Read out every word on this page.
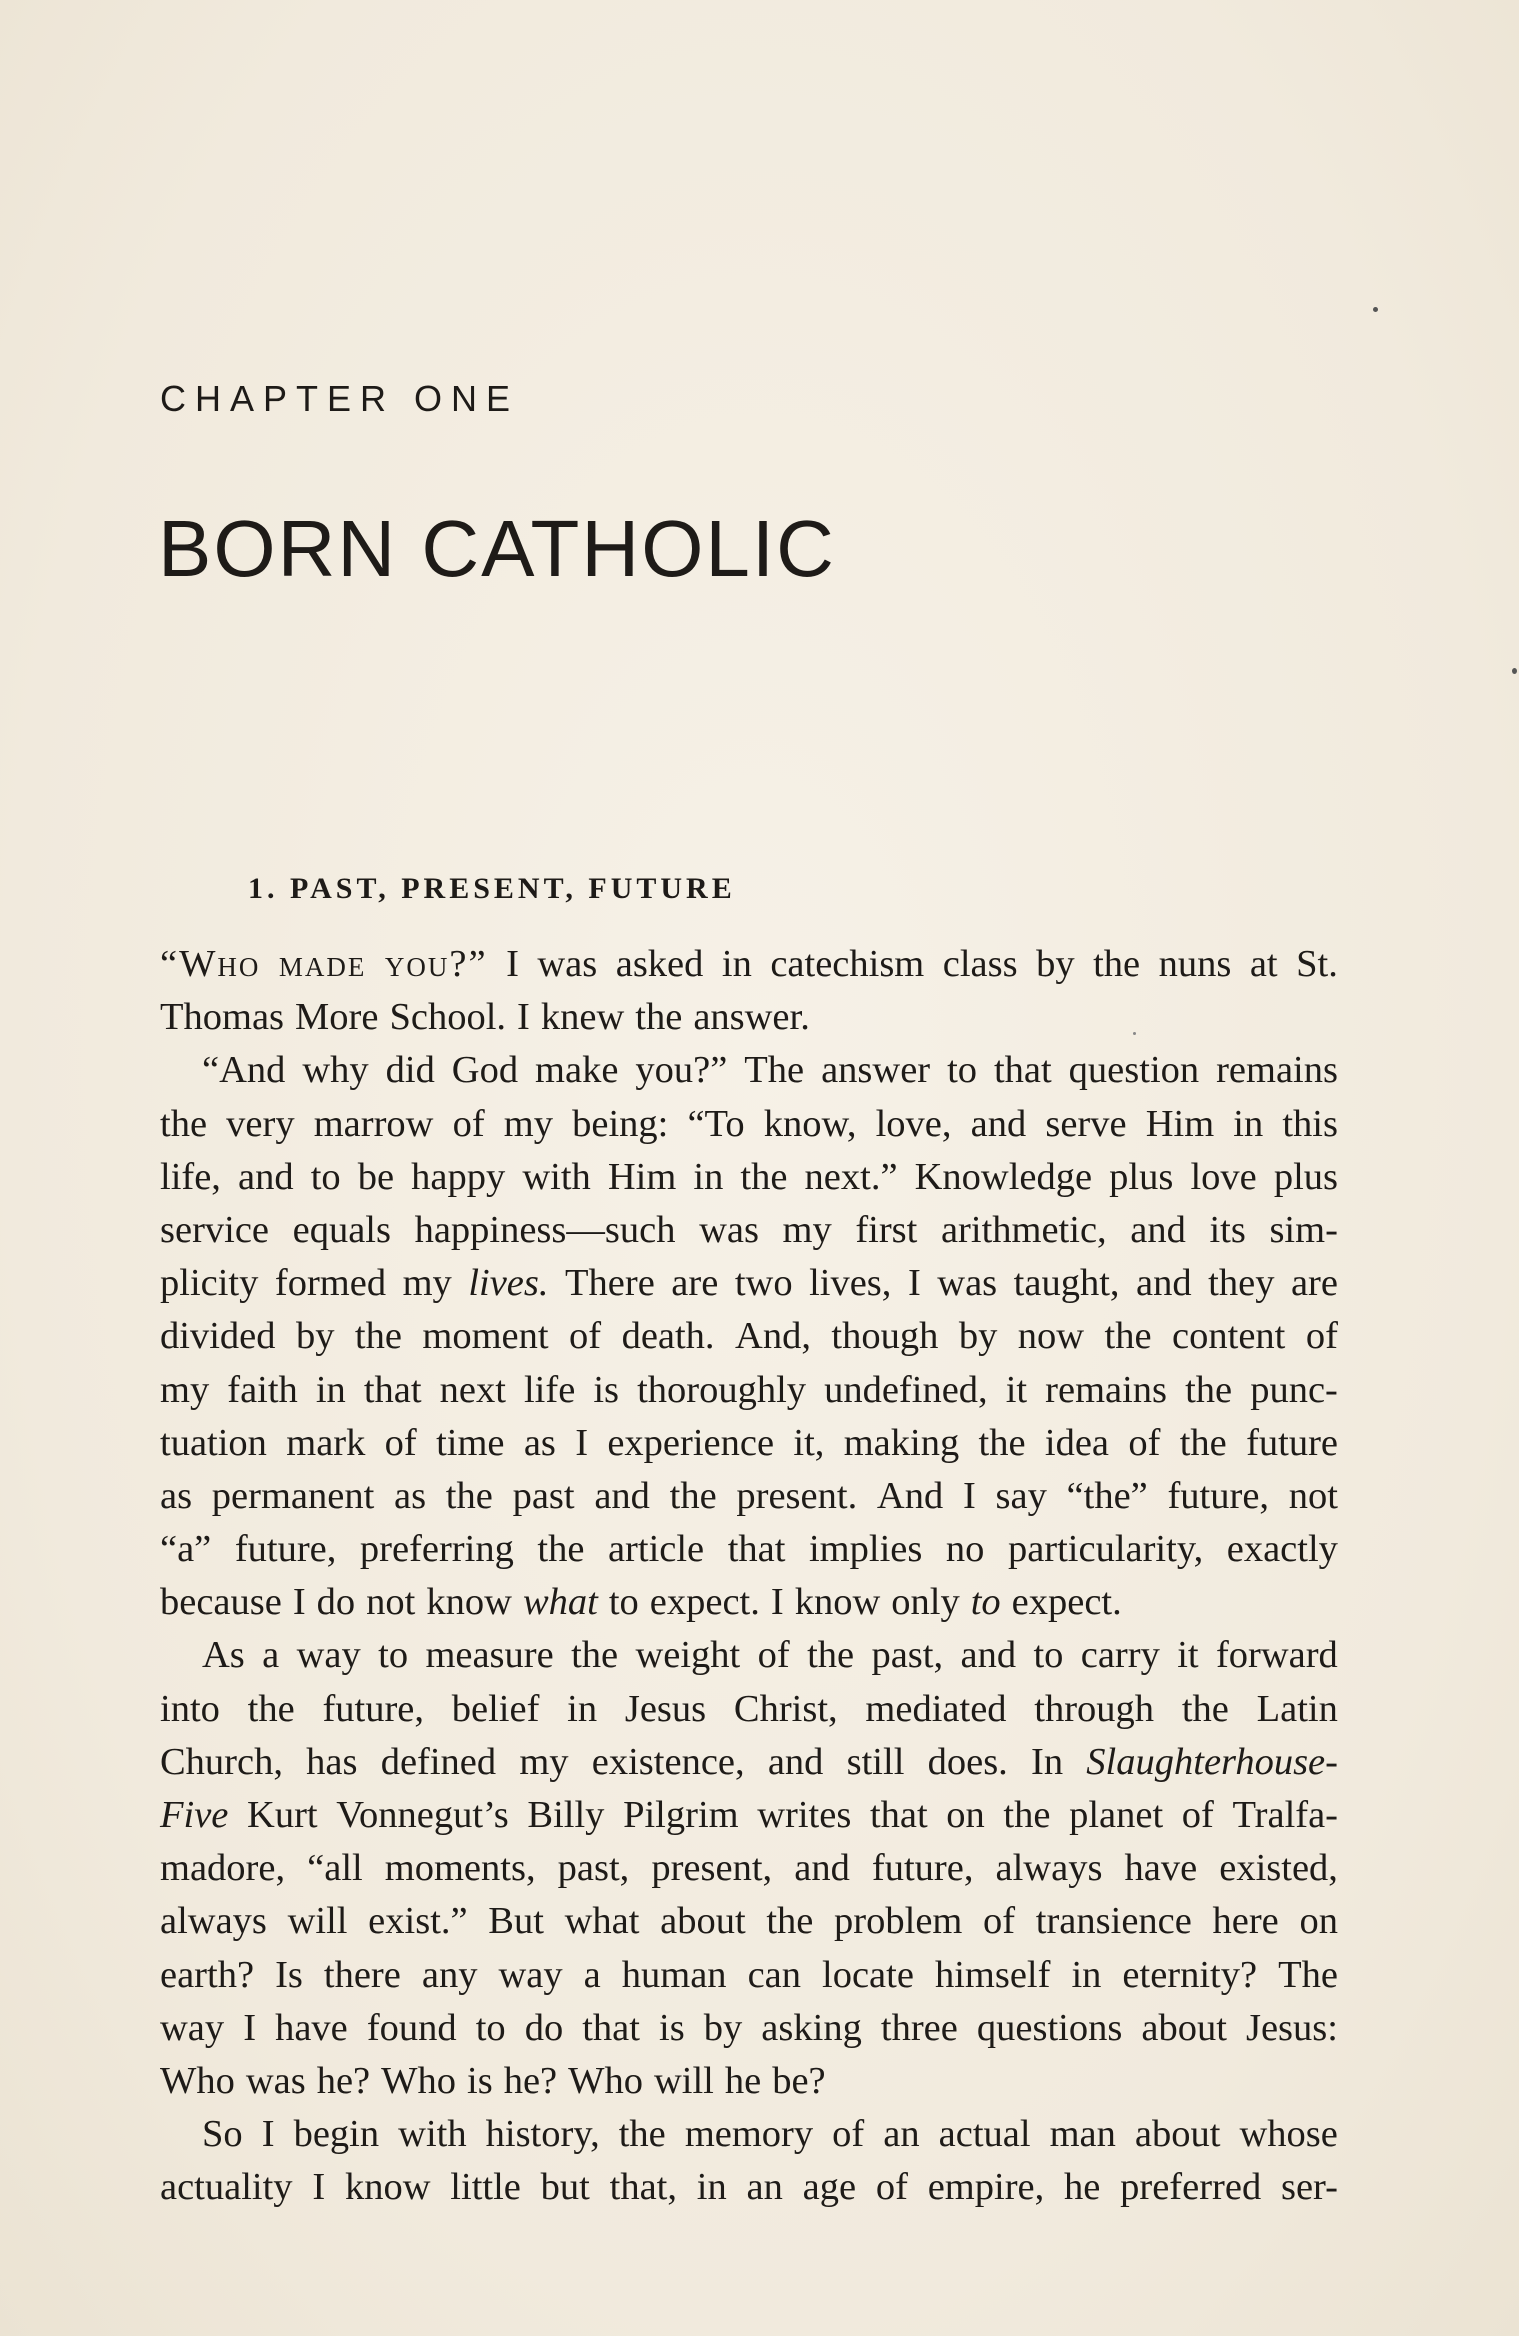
CHAPTER ONE
BORN CATHOLIC
1. PAST, PRESENT, FUTURE
“Who made you?” I was asked in catechism class by the nuns at St.
Thomas More School. I knew the answer.
“And why did God make you?” The answer to that question remains
the very marrow of my being: “To know, love, and serve Him in this
life, and to be happy with Him in the next.” Knowledge plus love plus
service equals happiness—such was my first arithmetic, and its sim-
plicity formed my lives. There are two lives, I was taught, and they are
divided by the moment of death. And, though by now the content of
my faith in that next life is thoroughly undefined, it remains the punc-
tuation mark of time as I experience it, making the idea of the future
as permanent as the past and the present. And I say “the” future, not
“a” future, preferring the article that implies no particularity, exactly
because I do not know what to expect. I know only to expect.
As a way to measure the weight of the past, and to carry it forward
into the future, belief in Jesus Christ, mediated through the Latin
Church, has defined my existence, and still does. In Slaughterhouse-
Five Kurt Vonnegut’s Billy Pilgrim writes that on the planet of Tralfa-
madore, “all moments, past, present, and future, always have existed,
always will exist.” But what about the problem of transience here on
earth? Is there any way a human can locate himself in eternity? The
way I have found to do that is by asking three questions about Jesus:
Who was he? Who is he? Who will he be?
So I begin with history, the memory of an actual man about whose
actuality I know little but that, in an age of empire, he preferred ser-
